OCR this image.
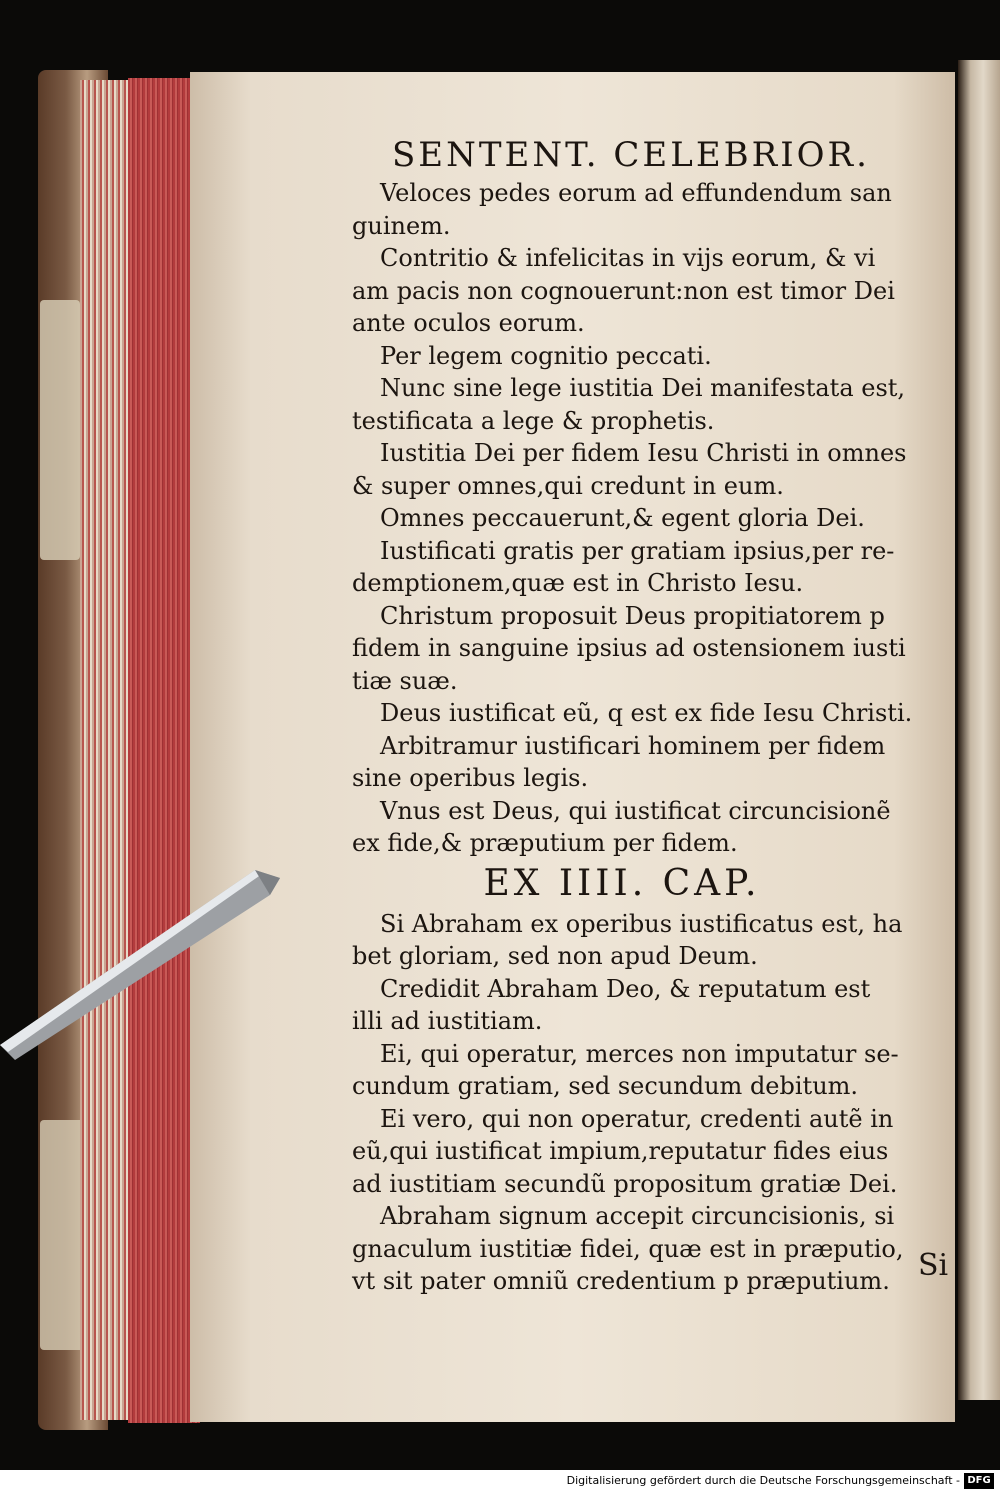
SENTENT. CELEBRIOR.
Veloces pedes eorum ad effundendum san
guinem.
Contritio & infelicitas in vijs eorum, & vi
am pacis non cognouerunt:non est timor Dei
ante oculos eorum.
Per legem cognitio peccati.
Nunc sine lege iustitia Dei manifestata est,
testificata a lege & prophetis.
Iustitia Dei per fidem Iesu Christi in omnes
& super omnes,qui credunt in eum.
Omnes peccauerunt,& egent gloria Dei.
Iustificati gratis per gratiam ipsius,per re-
demptionem,quæ est in Christo Iesu.
Christum proposuit Deus propitiatorem p
fidem in sanguine ipsius ad ostensionem iusti
tiæ suæ.
Deus iustificat eũ, q est ex fide Iesu Christi.
Arbitramur iustificari hominem per fidem
sine operibus legis.
Vnus est Deus, qui iustificat circuncisionẽ
ex fide,& præputium per fidem.
EX IIII. CAP.
Si Abraham ex operibus iustificatus est, ha
bet gloriam, sed non apud Deum.
Credidit Abraham Deo, & reputatum est
illi ad iustitiam.
Ei, qui operatur, merces non imputatur se-
cundum gratiam, sed secundum debitum.
Ei vero, qui non operatur, credenti autẽ in
eũ,qui iustificat impium,reputatur fides eius
ad iustitiam secundũ propositum gratiæ Dei.
Abraham signum accepit circuncisionis, si
gnaculum iustitiæ fidei, quæ est in præputio,
vt sit pater omniũ credentium p præputium. Si
Digitalisierung gefördert durch die Deutsche Forschungsgemeinschaft - DFG
